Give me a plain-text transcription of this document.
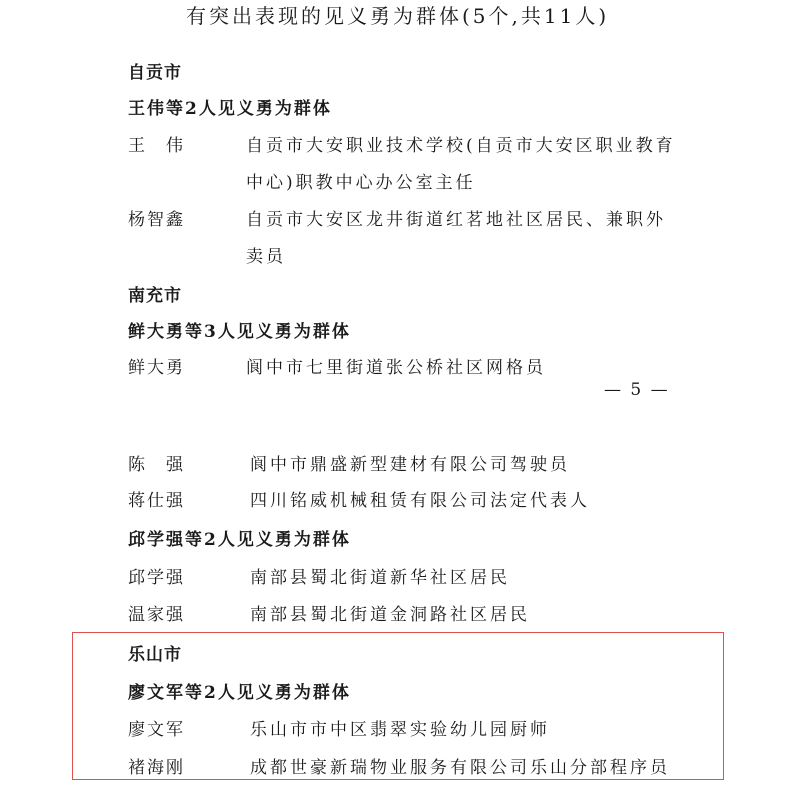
有突出表现的见义勇为群体(5个,共11人)
自贡市
王伟等2人见义勇为群体
王　伟	自贡市大安职业技术学校(自贡市大安区职业教育
中心)职教中心办公室主任
杨智鑫	自贡市大安区龙井街道红茗地社区居民、兼职外
卖员
南充市
鲜大勇等3人见义勇为群体
鲜大勇	阆中市七里街道张公桥社区网格员
— 5 —
陈　强	阆中市鼎盛新型建材有限公司驾驶员
蒋仕强	四川铭威机械租赁有限公司法定代表人
邱学强等2人见义勇为群体
邱学强	南部县蜀北街道新华社区居民
温家强	南部县蜀北街道金洞路社区居民
乐山市
廖文军等2人见义勇为群体
廖文军	乐山市市中区翡翠实验幼儿园厨师
褚海刚	成都世豪新瑞物业服务有限公司乐山分部程序员
